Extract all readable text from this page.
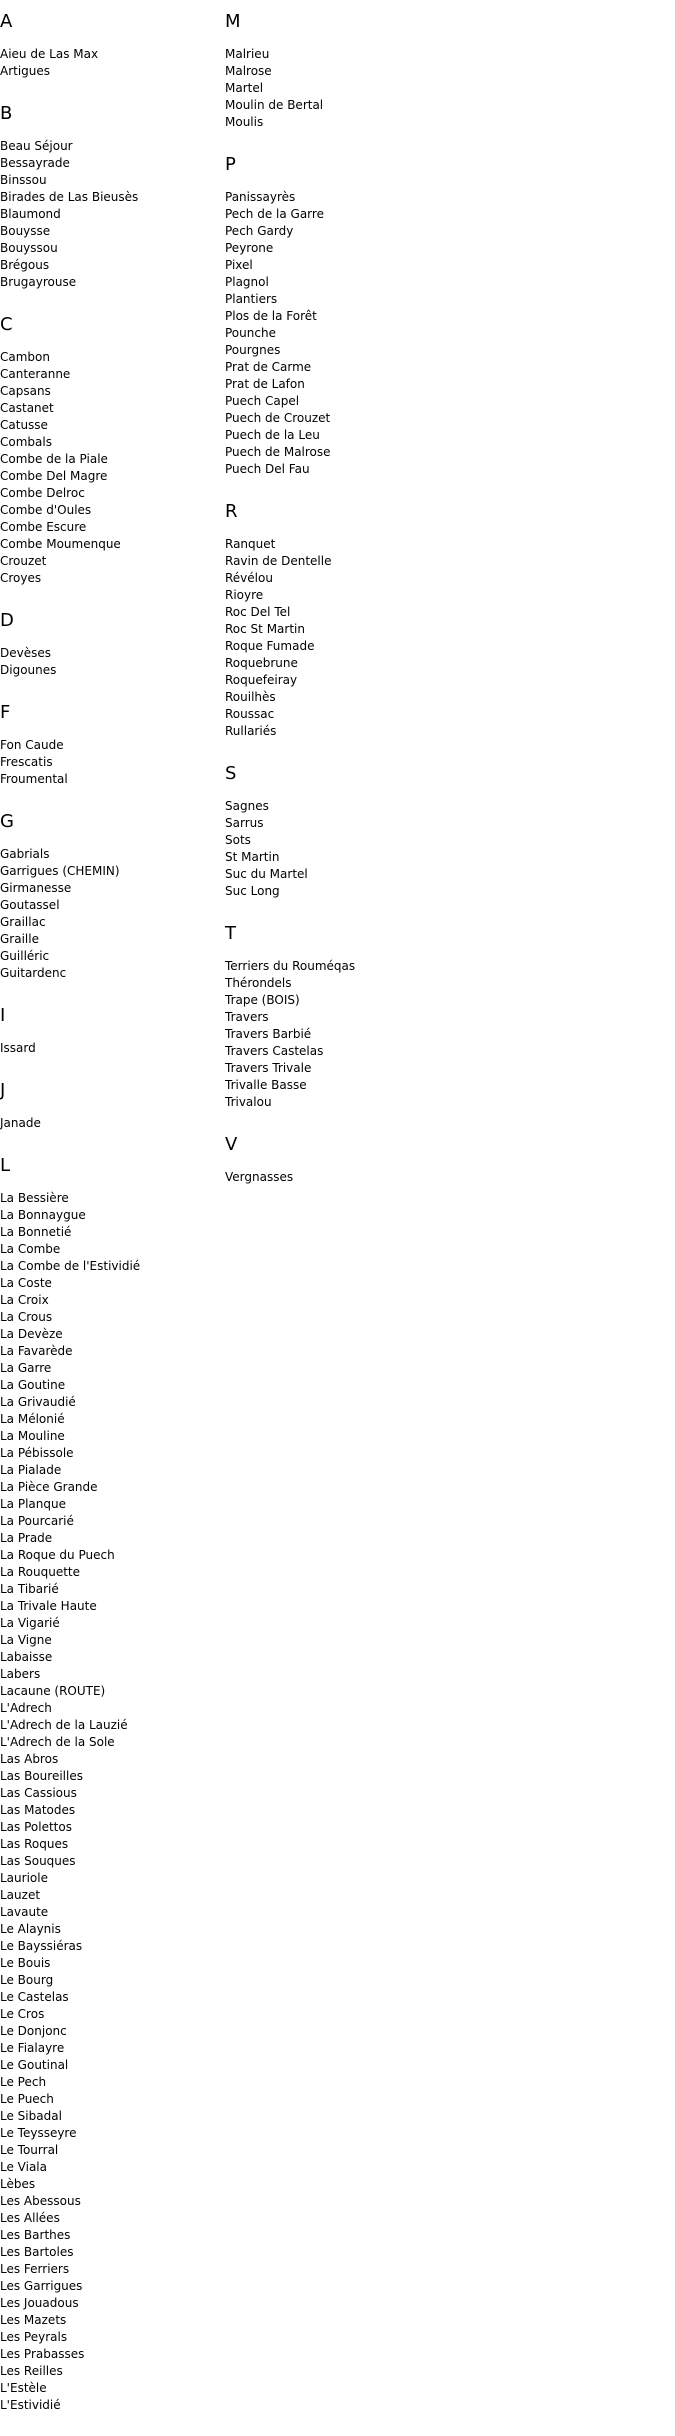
A
Aieu de Las Max
Artigues
B
Beau Séjour
Bessayrade
Binssou
Birades de Las Bieusès
Blaumond
Bouysse
Bouyssou
Brégous
Brugayrouse
C
Cambon
Canteranne
Capsans
Castanet
Catusse
Combals
Combe de la Piale
Combe Del Magre
Combe Delroc
Combe d'Oules
Combe Escure
Combe Moumenque
Crouzet
Croyes
D
Devèses
Digounes
F
Fon Caude
Frescatis
Froumental
G
Gabrials
Garrigues (CHEMIN)
Girmanesse
Goutassel
Graillac
Graille
Guilléric
Guitardenc
I
Issard
J
Janade
L
La Bessière
La Bonnaygue
La Bonnetié
La Combe
La Combe de l'Estividié
La Coste
La Croix
La Crous
La Devèze
La Favarède
La Garre
La Goutine
La Grivaudié
La Mélonié
La Mouline
La Pébissole
La Pialade
La Pièce Grande
La Planque
La Pourcarié
La Prade
La Roque du Puech
La Rouquette
La Tibarié
La Trivale Haute
La Vigarié
La Vigne
Labaisse
Labers
Lacaune (ROUTE)
L'Adrech
L'Adrech de la Lauzié
L'Adrech de la Sole
Las Abros
Las Boureilles
Las Cassious
Las Matodes
Las Polettos
Las Roques
Las Souques
Lauriole
Lauzet
Lavaute
Le Alaynis
Le Bayssiéras
Le Bouis
Le Bourg
Le Castelas
Le Cros
Le Donjonc
Le Fialayre
Le Goutinal
Le Pech
Le Puech
Le Sibadal
Le Teysseyre
Le Tourral
Le Viala
Lèbes
Les Abessous
Les Allées
Les Barthes
Les Bartoles
Les Ferriers
Les Garrigues
Les Jouadous
Les Mazets
Les Peyrals
Les Prabasses
Les Reilles
L'Estèle
L'Estividié
M
Malrieu
Malrose
Martel
Moulin de Bertal
Moulis
P
Panissayrès
Pech de la Garre
Pech Gardy
Peyrone
Pixel
Plagnol
Plantiers
Plos de la Forêt
Pounche
Pourgnes
Prat de Carme
Prat de Lafon
Puech Capel
Puech de Crouzet
Puech de la Leu
Puech de Malrose
Puech Del Fau
R
Ranquet
Ravin de Dentelle
Révélou
Rioyre
Roc Del Tel
Roc St Martin
Roque Fumade
Roquebrune
Roquefeiray
Rouilhès
Roussac
Rullariés
S
Sagnes
Sarrus
Sots
St Martin
Suc du Martel
Suc Long
T
Terriers du Rouméqas
Thérondels
Trape (BOIS)
Travers
Travers Barbié
Travers Castelas
Travers Trivale
Trivalle Basse
Trivalou
V
Vergnasses
